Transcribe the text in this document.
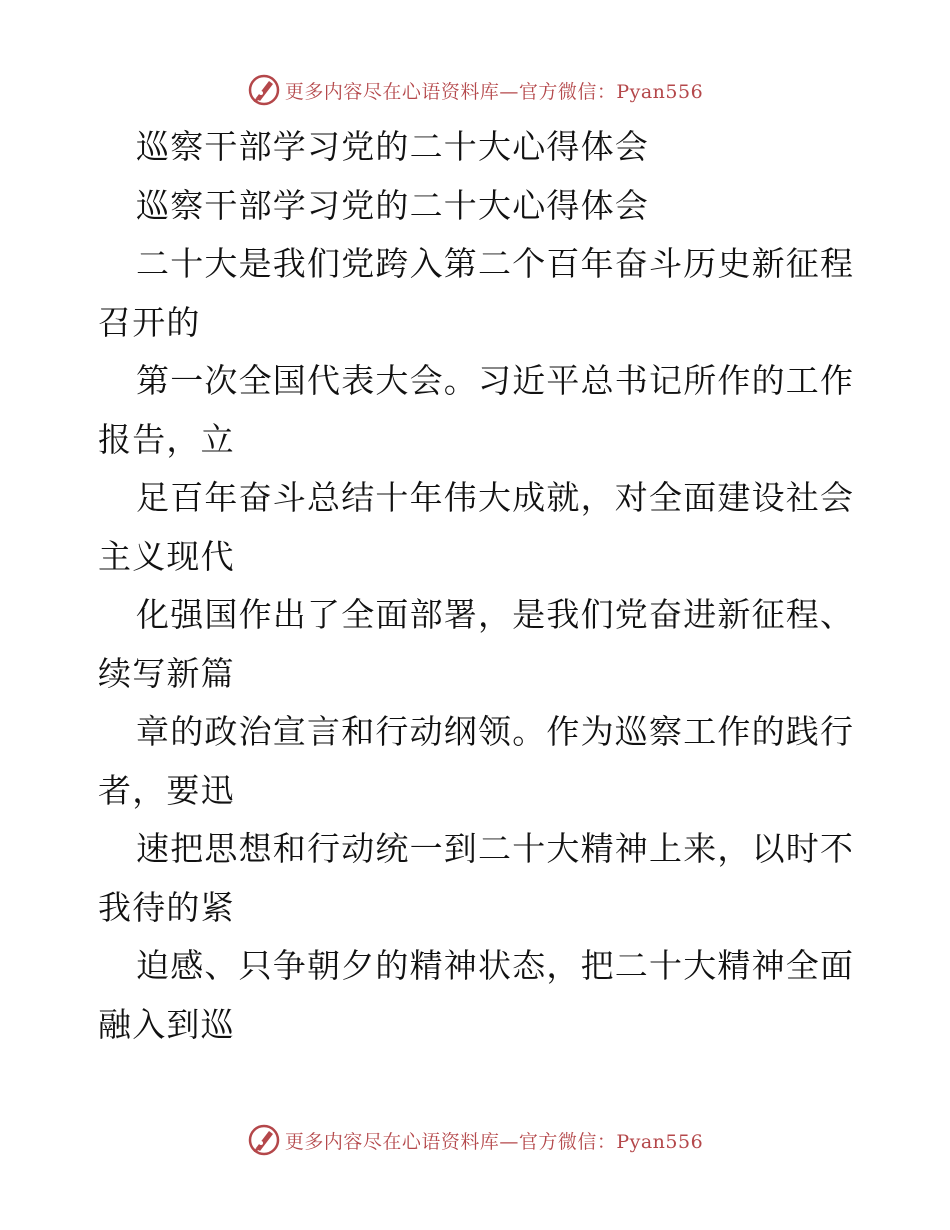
更多内容尽在心语资料库—官方微信：Pyan556
巡察干部学习党的二十大心得体会
巡察干部学习党的二十大心得体会
二十大是我们党跨入第二个百年奋斗历史新征程
召开的
第一次全国代表大会。习近平总书记所作的工作
报告，立
足百年奋斗总结十年伟大成就，对全面建设社会
主义现代
化强国作出了全面部署，是我们党奋进新征程、
续写新篇
章的政治宣言和行动纲领。作为巡察工作的践行
者，要迅
速把思想和行动统一到二十大精神上来，以时不
我待的紧
迫感、只争朝夕的精神状态，把二十大精神全面
融入到巡
更多内容尽在心语资料库—官方微信：Pyan556
